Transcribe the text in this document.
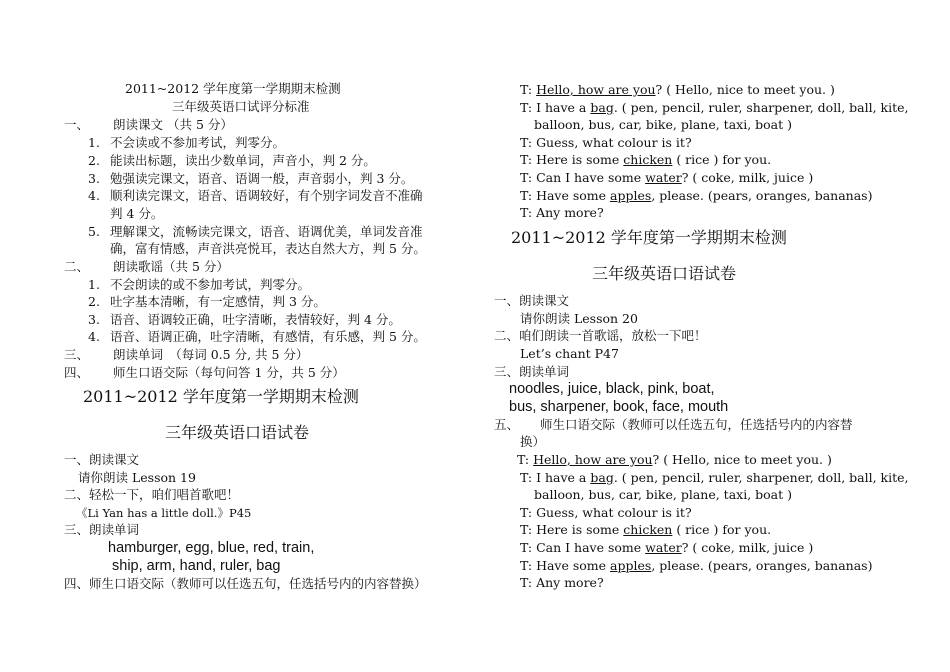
2011~2012 学年度第一学期期末检测
三年级英语口试评分标准
一、 朗读课文 （共 5 分）
1. 不会读或不参加考试，判零分。
2. 能读出标题，读出少数单词，声音小，判 2 分。
3. 勉强读完课文，语音、语调一般，声音弱小，判 3 分。
4. 顺利读完课文，语音、语调较好，有个别字词发音不准确
判 4 分。
5. 理解课文，流畅读完课文，语音、语调优美，单词发音准
确，富有情感，声音洪亮悦耳，表达自然大方，判 5 分。
二、 朗读歌谣（共 5 分）
1. 不会朗读的或不参加考试，判零分。
2. 吐字基本清晰，有一定感情，判 3 分。
3. 语音、语调较正确，吐字清晰，表情较好，判 4 分。
4. 语音、语调正确，吐字清晰，有感情，有乐感，判 5 分。
三、 朗读单词　（每词 0.5 分, 共 5 分）
四、 师生口语交际（每句问答 1 分，共 5 分）
2011~2012 学年度第一学期期末检测
三年级英语口语试卷
一、朗读课文
请你朗读 Lesson 19
二、轻松一下，咱们唱首歌吧！
《Li Yan has a little doll.》P45
三、朗读单词
hamburger, egg, blue, red, train,
ship, arm, hand, ruler, bag
四、师生口语交际（教师可以任选五句，任选括号内的内容替换）
T: Hello, how are you? ( Hello, nice to meet you. )
T: I have a bag. ( pen, pencil, ruler, sharpener, doll, ball, kite,
balloon, bus, car, bike, plane, taxi, boat )
T: Guess, what colour is it?
T: Here is some chicken ( rice ) for you.
T: Can I have some water? ( coke, milk, juice )
T: Have some apples, please. (pears, oranges, bananas)
T: Any more?
2011~2012 学年度第一学期期末检测
三年级英语口语试卷
一、朗读课文
请你朗读 Lesson 20
二、咱们朗读一首歌谣，放松一下吧！
Let’s chant P47
三、朗读单词
noodles, juice, black, pink, boat,
bus, sharpener, book, face, mouth
五、 师生口语交际（教师可以任选五句，任选括号内的内容替
换）
T: Hello, how are you? ( Hello, nice to meet you. )
T: I have a bag. ( pen, pencil, ruler, sharpener, doll, ball, kite,
balloon, bus, car, bike, plane, taxi, boat )
T: Guess, what colour is it?
T: Here is some chicken ( rice ) for you.
T: Can I have some water? ( coke, milk, juice )
T: Have some apples, please. (pears, oranges, bananas)
T: Any more?
